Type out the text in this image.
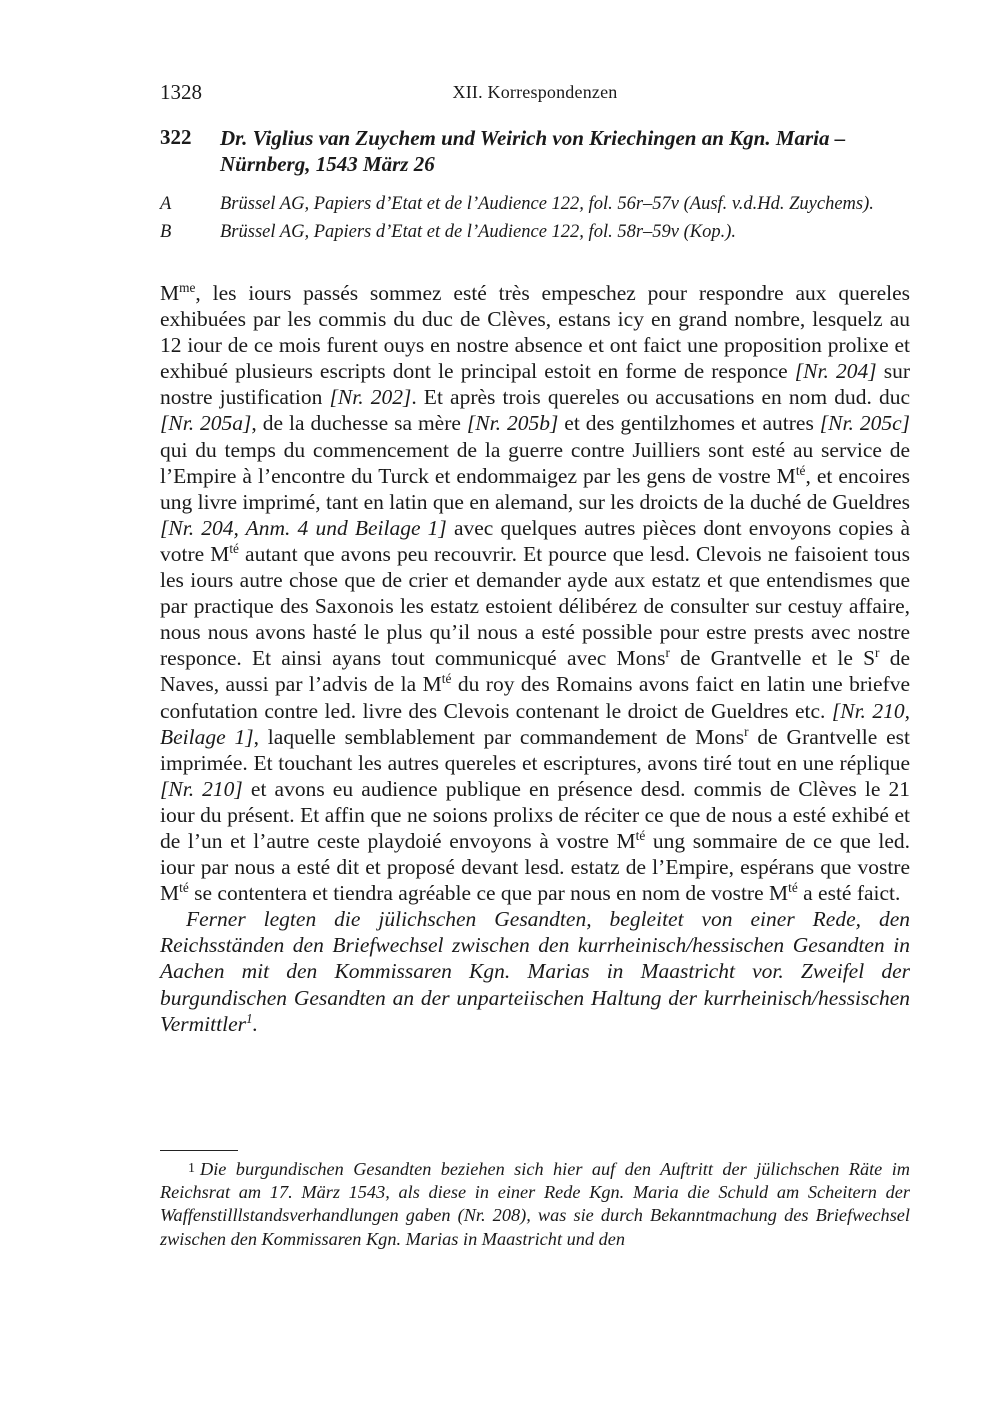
1328	XII. Korrespondenzen
322 Dr. Viglius van Zuychem und Weirich von Kriechingen an Kgn. Maria – Nürnberg, 1543 März 26
A	Brüssel AG, Papiers d’Etat et de l’Audience 122, fol. 56r–57v (Ausf. v.d.Hd. Zuychems).
B	Brüssel AG, Papiers d’Etat et de l’Audience 122, fol. 58r–59v (Kop.).

$M^{me}$, les iours passés sommez esté très empeschez pour respondre aux quereles exhibuées par les commis du duc de Clèves, estans icy en grand nombre, lesquelz au 12 iour de ce mois furent ouys en nostre absence et ont faict une proposition prolixe et exhibué plusieurs escripts dont le principal estoit en forme de responce [Nr. 204] sur nostre justification [Nr. 202]. Et après trois quereles ou accusations en nom dud. duc [Nr. 205a], de la duchesse sa mère [Nr. 205b] et des gentilzhomes et autres [Nr. 205c] qui du temps du commencement de la guerre contre Juilliers sont esté au service de l’Empire à l’encontre du Turck et endommaigez par les gens de vostre $M^{té}$, et encoires ung livre imprimé, tant en latin que en alemand, sur les droicts de la duché de Gueldres [Nr. 204, Anm. 4 und Beilage 1] avec quelques autres pièces dont envoyons copies à votre $M^{té}$ autant que avons peu recouvrir. Et pource que lesd. Clevois ne faisoient tous les iours autre chose que de crier et demander ayde aux estatz et que entendismes que par practique des Saxonois les estatz estoient délibérez de consulter sur cestuy affaire, nous nous avons hasté le plus qu’il nous a esté possible pour estre prests avec nostre responce. Et ainsi ayans tout communicqué avec Mons$^r$ de Grantvelle et le $S^r$ de Naves, aussi par l’advis de la $M^{té}$ du roy des Romains avons faict en latin une briefve confutation contre led. livre des Clevois contenant le droict de Gueldres etc. [Nr. 210, Beilage 1], laquelle semblablement par commandement de Mons$^r$ de Grantvelle est imprimée. Et touchant les autres quereles et escriptures, avons tiré tout en une réplique [Nr. 210] et avons eu audience publique en présence desd. commis de Clèves le 21 iour du présent. Et affin que ne soions prolixs de réciter ce que de nous a esté exhibé et de l’un et l’autre ceste playdoié envoyons à vostre $M^{té}$ ung sommaire de ce que led. iour par nous a esté dit et proposé devant lesd. estatz de l’Empire, espérans que vostre $M^{té}$ se contentera et tiendra agréable ce que par nous en nom de vostre $M^{té}$ a esté faict.

Ferner legten die jülichschen Gesandten, begleitet von einer Rede, den Reichsständen den Briefwechsel zwischen den kurrheinisch/hessischen Gesandten in Aachen mit den Kommissaren Kgn. Marias in Maastricht vor. Zweifel der burgundischen Gesandten an der unparteiischen Haltung der kurrheinisch/hessischen Vermittler$^1$.

1 Die burgundischen Gesandten beziehen sich hier auf den Auftritt der jülichschen Räte im Reichsrat am 17. März 1543, als diese in einer Rede Kgn. Maria die Schuld am Scheitern der Waffenstilllstandsverhandlungen gaben (Nr. 208), was sie durch Bekanntmachung des Briefwechsel zwischen den Kommissaren Kgn. Marias in Maastricht und den
